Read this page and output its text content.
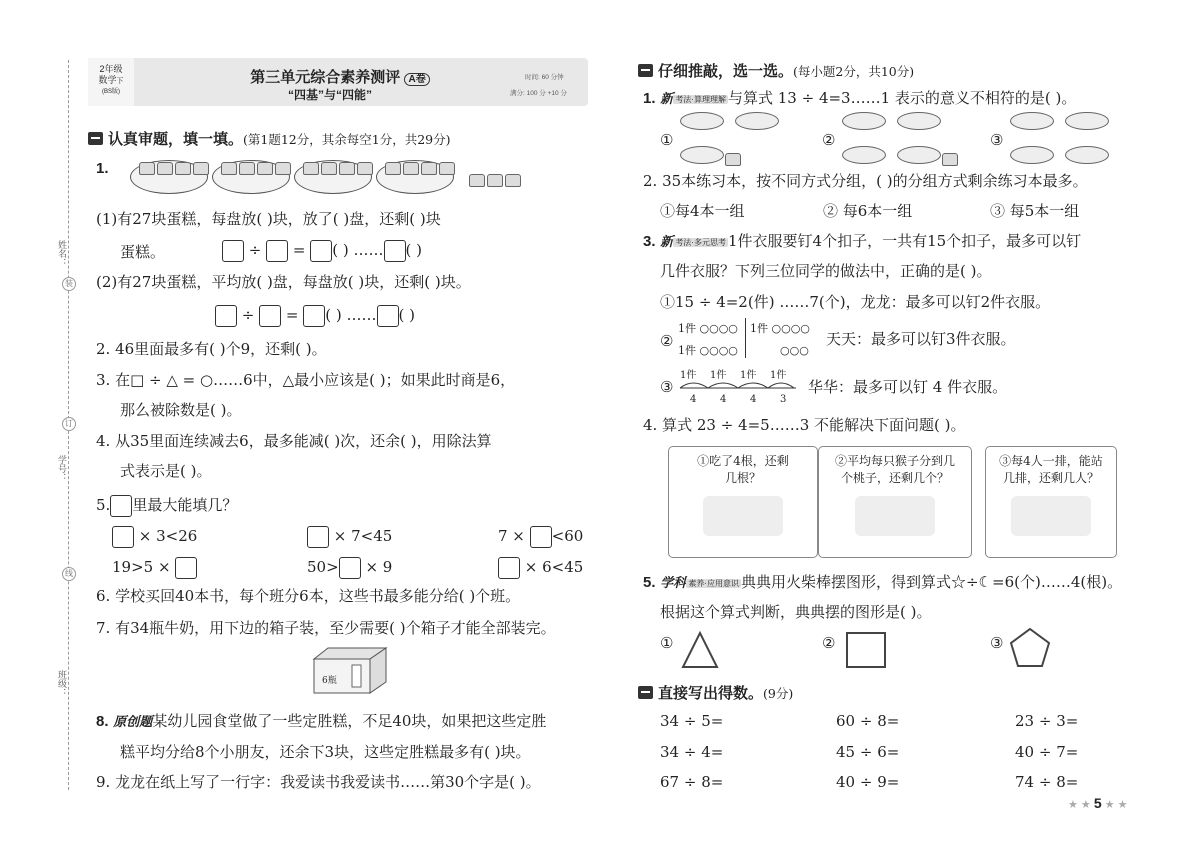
姓名：
学号：
班级：
装
订
线
2年级
数学下
(BS版)
第三单元综合素养测评 A卷
“四基”与“四能”
时间: 60 分钟
满分: 100 分 +10 分
认真审题，填一填。(第1题12分，其余每空1分，共29分)
1.
(1)有27块蛋糕，每盘放( )块，放了( )盘，还剩( )块
蛋糕。	÷ = ( ) …… ( )
(2)有27块蛋糕，平均放( )盘，每盘放( )块，还剩( )块。
÷ = ( ) …… ( )
2. 46里面最多有( )个9，还剩( )。
3. 在□ ÷ △ = ○……6中，△最小应该是( )；如果此时商是6，
那么被除数是( )。
4. 从35里面连续减去6，最多能减( )次，还余( )，用除法算
式表示是( )。
5. 里最大能填几？
× 3<26	× 7<45	7 × <60
19>5 ×	50> × 9	× 6<45
6. 学校买回40本书，每个班分6本，这些书最多能分给( )个班。
7. 有34瓶牛奶，用下边的箱子装，至少需要( )个箱子才能全部装完。
6瓶
8. 原创题某幼儿园食堂做了一些定胜糕，不足40块，如果把这些定胜
糕平均分给8个小朋友，还余下3块，这些定胜糕最多有( )块。
9. 龙龙在纸上写了一行字：我爱读书我爱读书……第30个字是( )。
仔细推敲，选一选。(每小题2分，共10分)
1. 新 考法·算理理解 与算式 13 ÷ 4=3……1 表示的意义不相符的是( )。
①
	②

	③

2. 35本练习本，按不同方式分组，( )的分组方式剩余练习本最多。
①每4本一组	② 每6本一组	③ 每5本一组
3. 新 考法·多元思考 1件衣服要钉4个扣子，一共有15个扣子，最多可以钉
几件衣服？下列三位同学的做法中，正确的是( )。
①15 ÷ 4=2(件) ……7(个)，龙龙：最多可以钉2件衣服。
②
1件 ○○○○
1件 ○○○○
1件 ○○○○
○○○
天天：最多可以钉3件衣服。
③
1件 1件 1件 1件
4 4 4 3
华华：最多可以钉 4 件衣服。
4. 算式 23 ÷ 4=5……3 不能解决下面问题( )。
①吃了4根，还剩
几根？
②平均每只猴子分到几
个桃子，还剩几个？
③每4人一排，能站
几排，还剩几人？
5. 学科 素养·应用意识 典典用火柴棒摆图形，得到算式☆÷☾=6(个)……4(根)。
根据这个算式判断，典典摆的图形是( )。
①	②	③
直接写出得数。(9分)
34 ÷ 5=	60 ÷ 8=	23 ÷ 3=
34 ÷ 4=	45 ÷ 6=	40 ÷ 7=
67 ÷ 8=	40 ÷ 9=	74 ÷ 8=
★ ★ 5 ★ ★
